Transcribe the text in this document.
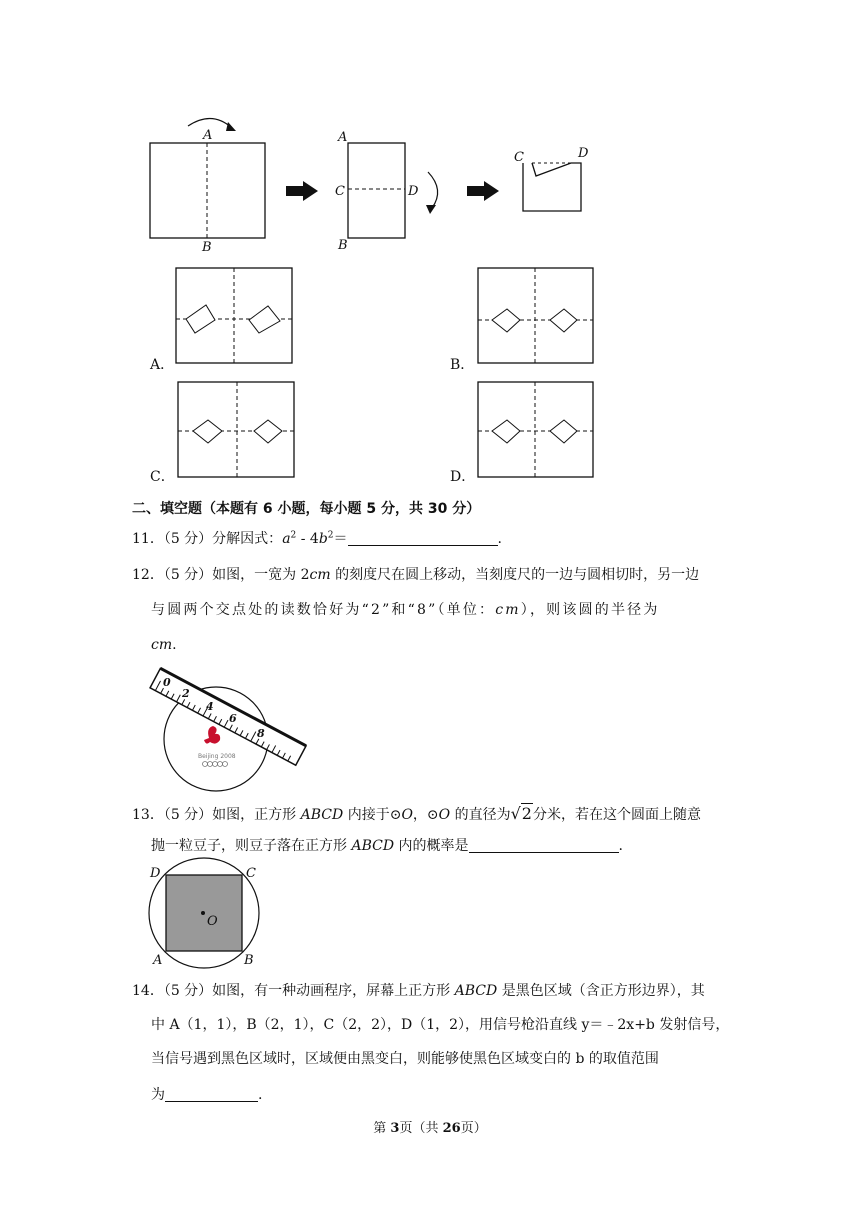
A
B
A
B
C	D
C	D
A．	B．
C．	D．
二、填空题（本题有 6 小题，每小题 5 分，共 30 分）
11．（5 分）分解因式：$a^2 - 4b^2=$	.
12．（5 分）如图，一宽为 2cm 的刻度尺在圆上移动，当刻度尺的一边与圆相切时，另一边
与圆两个交点处的读数恰好为“2”和“8”（单位：cm），则该圆的半径为
cm.
0
2
4
6
8
Beijing 2008
13．（5 分）如图，正方形 ABCD 内接于⊙O，⊙O 的直径为√2分米，若在这个圆面上随意
抛一粒豆子，则豆子落在正方形 ABCD 内的概率是	.
D	C
A	B
O
14．（5 分）如图，有一种动画程序，屏幕上正方形 ABCD 是黑色区域（含正方形边界），其
中 A（1，1），B（2，1），C（2，2），D（1，2），用信号枪沿直线 y＝﹣2x+b 发射信号，
当信号遇到黑色区域时，区域便由黑变白，则能够使黑色区域变白的 b 的取值范围
为	.
第 3页（共 26页）
